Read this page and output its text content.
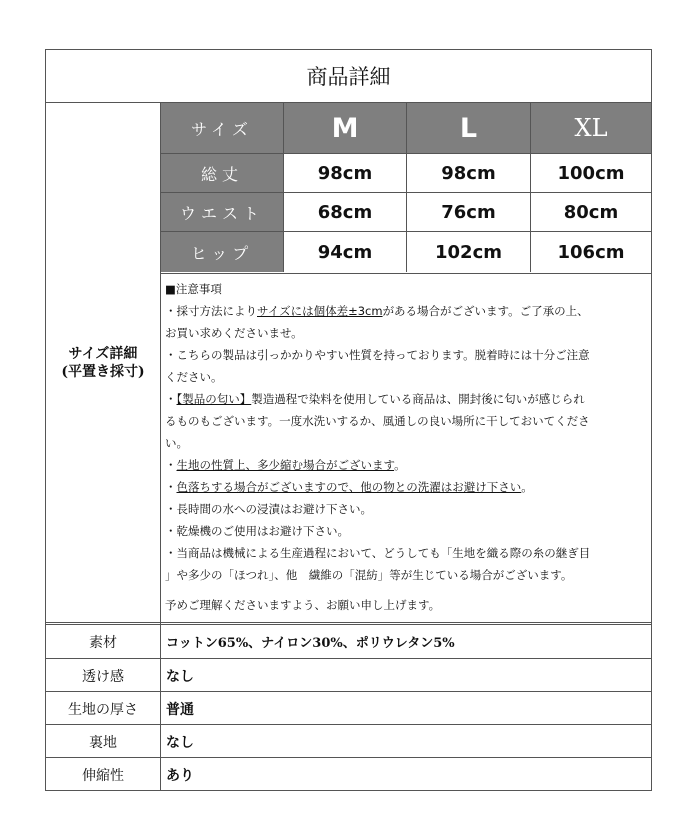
商品詳細
サイズ詳細
(平置き採寸)
サイズ	M	L	XL
総丈	98cm	98cm	100cm
ウエスト	68cm	76cm	80cm
ヒップ	94cm	102cm	106cm

■注意事項

・採寸方法によりサイズには個体差±3cmがある場合がございます。ご了承の上、

お買い求めくださいませ。

・こちらの製品は引っかかりやすい性質を持っております。脱着時には十分ご注意

ください。

・【製品の匂い】製造過程で染料を使用している商品は、開封後に匂いが感じられ

るものもございます。一度水洗いするか、風通しの良い場所に干しておいてくださ

い。

・生地の性質上、多少縮む場合がございます。

・色落ちする場合がございますので、他の物との洗濯はお避け下さい。

・長時間の水への浸漬はお避け下さい。

・乾燥機のご使用はお避け下さい。

・当商品は機械による生産過程において、どうしても「生地を織る際の糸の継ぎ目

」や多少の「ほつれ」、他　繊維の「混紡」等が生じている場合がございます。

予めご理解くださいますよう、お願い申し上げます。

素材	コットン65%、ナイロン30%、ポリウレタン5%
透け感	なし
生地の厚さ	普通
裏地	なし
伸縮性	あり
